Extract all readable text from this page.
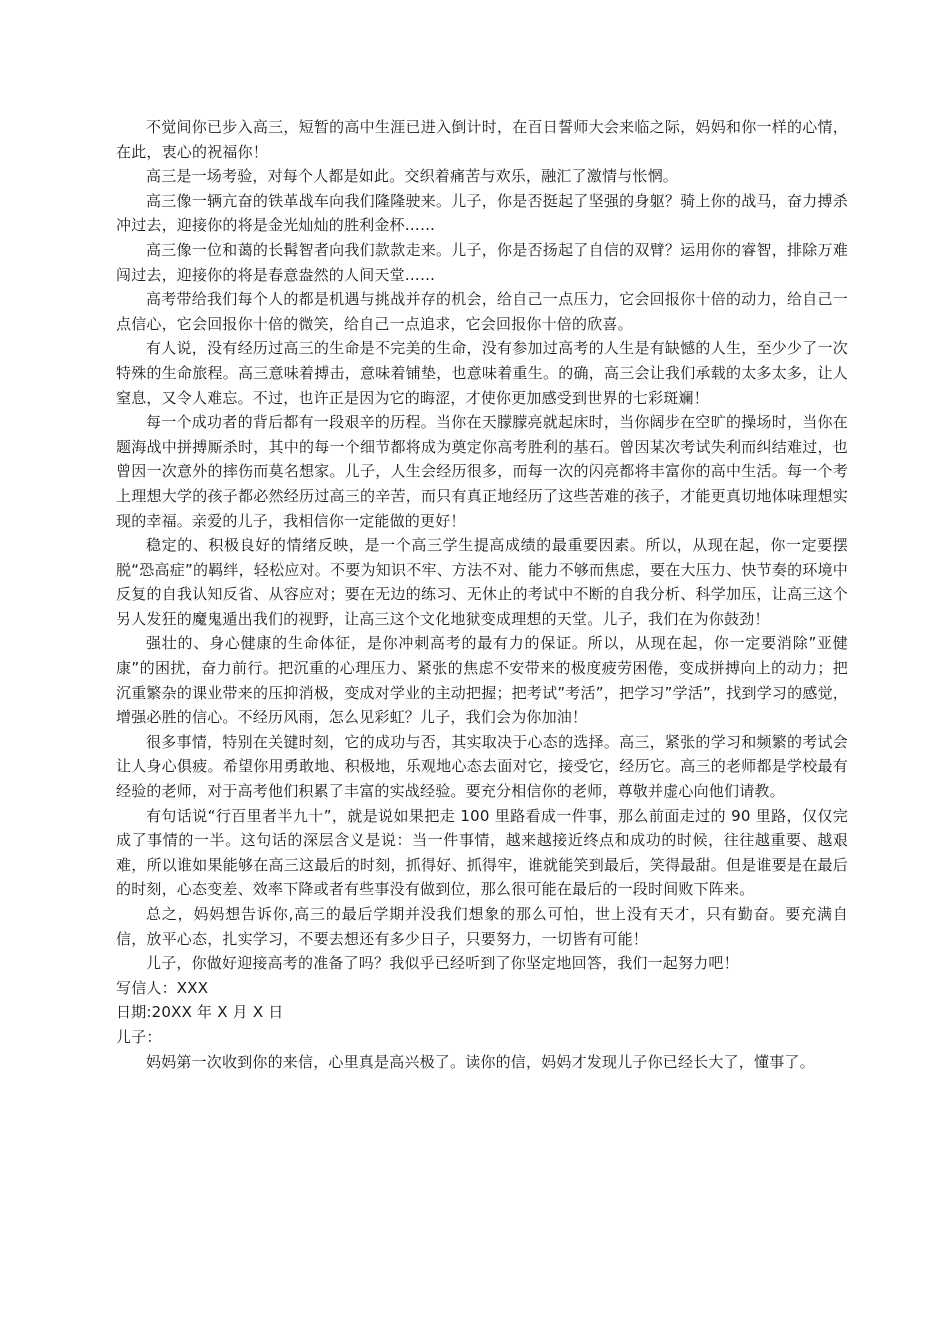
不觉间你已步入高三，短暂的高中生涯已进入倒计时，在百日誓师大会来临之际，妈妈和你一样的心情，在此，衷心的祝福你！

高三是一场考验，对每个人都是如此。交织着痛苦与欢乐，融汇了激情与怅惘。

高三像一辆亢奋的铁革战车向我们隆隆驶来。儿子，你是否挺起了坚强的身躯？骑上你的战马，奋力搏杀冲过去，迎接你的将是金光灿灿的胜利金杯……

高三像一位和蔼的长髯智者向我们款款走来。儿子，你是否扬起了自信的双臂？运用你的睿智，排除万难闯过去，迎接你的将是春意盎然的人间天堂……

高考带给我们每个人的都是机遇与挑战并存的机会，给自己一点压力，它会回报你十倍的动力，给自己一点信心，它会回报你十倍的微笑，给自己一点追求，它会回报你十倍的欣喜。

有人说，没有经历过高三的生命是不完美的生命，没有参加过高考的人生是有缺憾的人生，至少少了一次特殊的生命旅程。高三意味着搏击，意味着铺垫，也意味着重生。的确，高三会让我们承载的太多太多，让人窒息，又令人难忘。不过，也许正是因为它的晦涩，才使你更加感受到世界的七彩斑斓！

每一个成功者的背后都有一段艰辛的历程。当你在天朦朦亮就起床时，当你阔步在空旷的操场时，当你在题海战中拼搏厮杀时，其中的每一个细节都将成为奠定你高考胜利的基石。曾因某次考试失利而纠结难过，也曾因一次意外的摔伤而莫名想家。儿子，人生会经历很多，而每一次的闪亮都将丰富你的高中生活。每一个考上理想大学的孩子都必然经历过高三的辛苦，而只有真正地经历了这些苦难的孩子，才能更真切地体味理想实现的幸福。亲爱的儿子，我相信你一定能做的更好！

稳定的、积极良好的情绪反映，是一个高三学生提高成绩的最重要因素。所以，从现在起，你一定要摆脱“恐高症”的羁绊，轻松应对。不要为知识不牢、方法不对、能力不够而焦虑，要在大压力、快节奏的环境中反复的自我认知反省、从容应对；要在无边的练习、无休止的考试中不断的自我分析、科学加压，让高三这个另人发狂的魔鬼遁出我们的视野，让高三这个文化地狱变成理想的天堂。儿子，我们在为你鼓劲！

强壮的、身心健康的生命体征，是你冲刺高考的最有力的保证。所以，从现在起，你一定要消除”亚健康”的困扰，奋力前行。把沉重的心理压力、紧张的焦虑不安带来的极度疲劳困倦，变成拼搏向上的动力；把沉重繁杂的课业带来的压抑消极，变成对学业的主动把握；把考试”考活”，把学习”学活”，找到学习的感觉，增强必胜的信心。不经历风雨，怎么见彩虹？儿子，我们会为你加油！

很多事情，特别在关键时刻，它的成功与否，其实取决于心态的选择。高三，紧张的学习和频繁的考试会让人身心俱疲。希望你用勇敢地、积极地，乐观地心态去面对它，接受它，经历它。高三的老师都是学校最有经验的老师，对于高考他们积累了丰富的实战经验。要充分相信你的老师，尊敬并虚心向他们请教。

有句话说“行百里者半九十”，就是说如果把走 100 里路看成一件事，那么前面走过的 90 里路，仅仅完成了事情的一半。这句话的深层含义是说：当一件事情，越来越接近终点和成功的时候，往往越重要、越艰难，所以谁如果能够在高三这最后的时刻，抓得好、抓得牢，谁就能笑到最后，笑得最甜。但是谁要是在最后的时刻，心态变差、效率下降或者有些事没有做到位，那么很可能在最后的一段时间败下阵来。

总之，妈妈想告诉你,高三的最后学期并没我们想象的那么可怕，世上没有天才，只有勤奋。要充满自信，放平心态，扎实学习，不要去想还有多少日子，只要努力，一切皆有可能！

儿子，你做好迎接高考的准备了吗？我似乎已经听到了你坚定地回答，我们一起努力吧！

写信人：XXX

日期:20XX 年 X 月 X 日

儿子：

妈妈第一次收到你的来信，心里真是高兴极了。读你的信，妈妈才发现儿子你已经长大了，懂事了。
